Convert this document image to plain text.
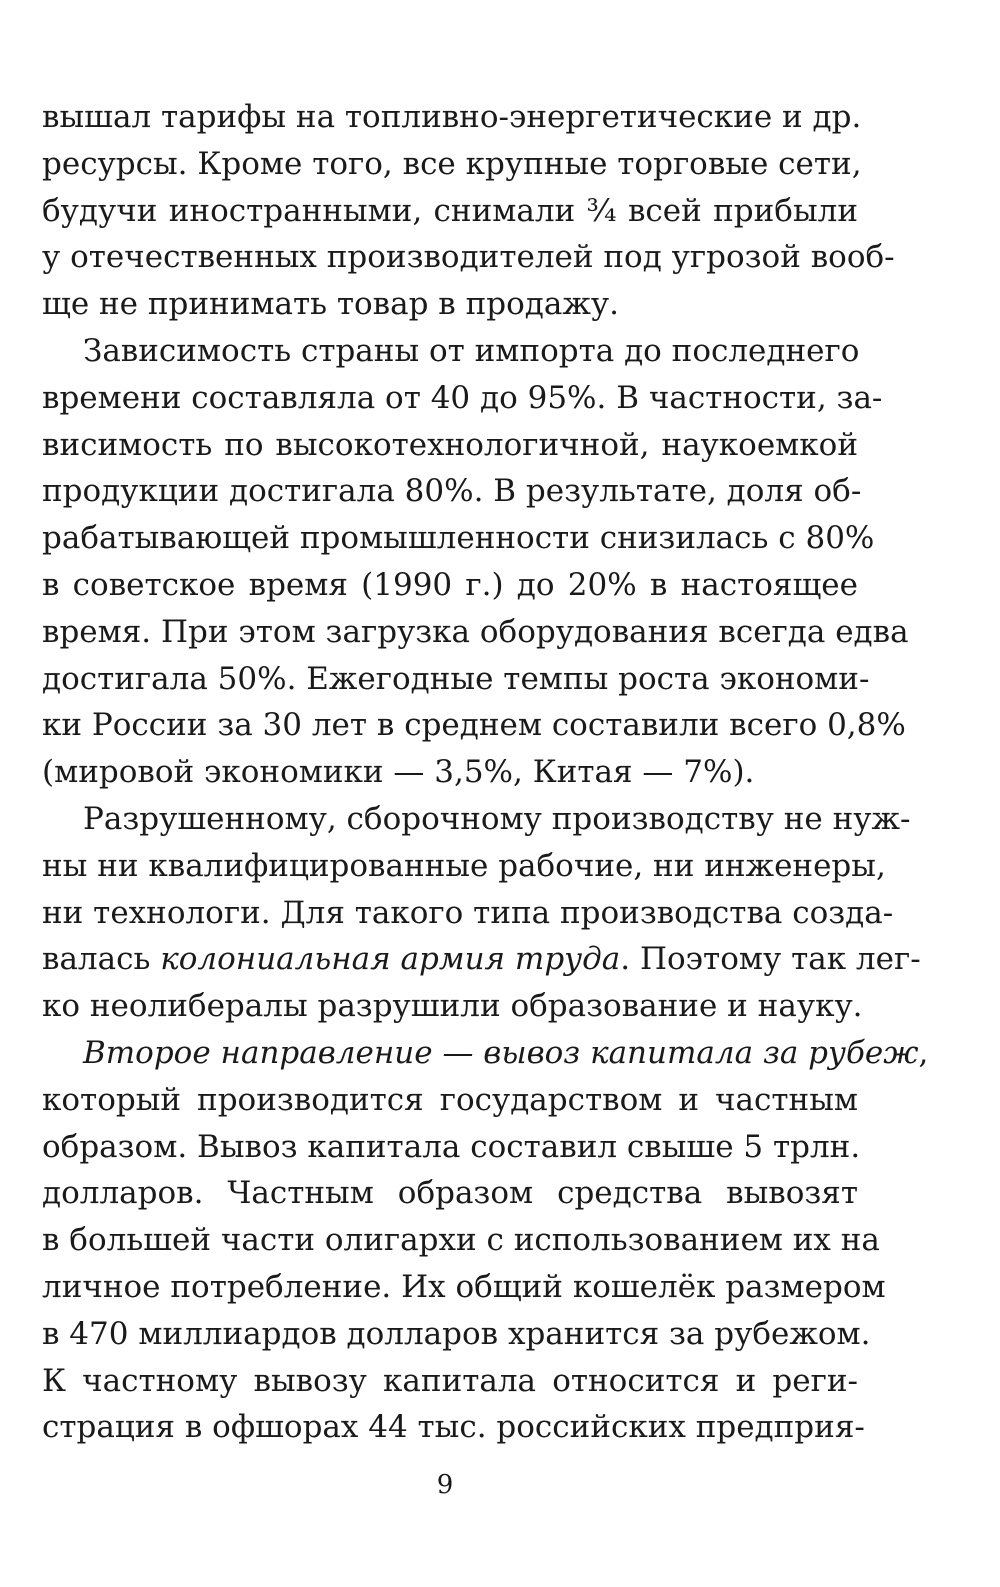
вышал тарифы на топливно-энергетические и др.
ресурсы. Кроме того, все крупные торговые сети,
будучи иностранными, снимали ¾ всей прибыли
у отечественных производителей под угрозой вооб-
ще не принимать товар в продажу.
Зависимость страны от импорта до последнего
времени составляла от 40 до 95%. В частности, за-
висимость по высокотехнологичной, наукоемкой
продукции достигала 80%. В результате, доля об-
рабатывающей промышленности снизилась с 80%
в советское время (1990 г.) до 20% в настоящее
время. При этом загрузка оборудования всегда едва
достигала 50%. Ежегодные темпы роста экономи-
ки России за 30 лет в среднем составили всего 0,8%
(мировой экономики — 3,5%, Китая — 7%).
Разрушенному, сборочному производству не нуж-
ны ни квалифицированные рабочие, ни инженеры,
ни технологи. Для такого типа производства созда-
валась колониальная армия труда. Поэтому так лег-
ко неолибералы разрушили образование и науку.
Второе направление — вывоз капитала за рубеж,
который производится государством и частным
образом. Вывоз капитала составил свыше 5 трлн.
долларов. Частным образом средства вывозят
в большей части олигархи с использованием их на
личное потребление. Их общий кошелёк размером
в 470 миллиардов долларов хранится за рубежом.
К частному вывозу капитала относится и реги-
страция в офшорах 44 тыс. российских предприя-
9
